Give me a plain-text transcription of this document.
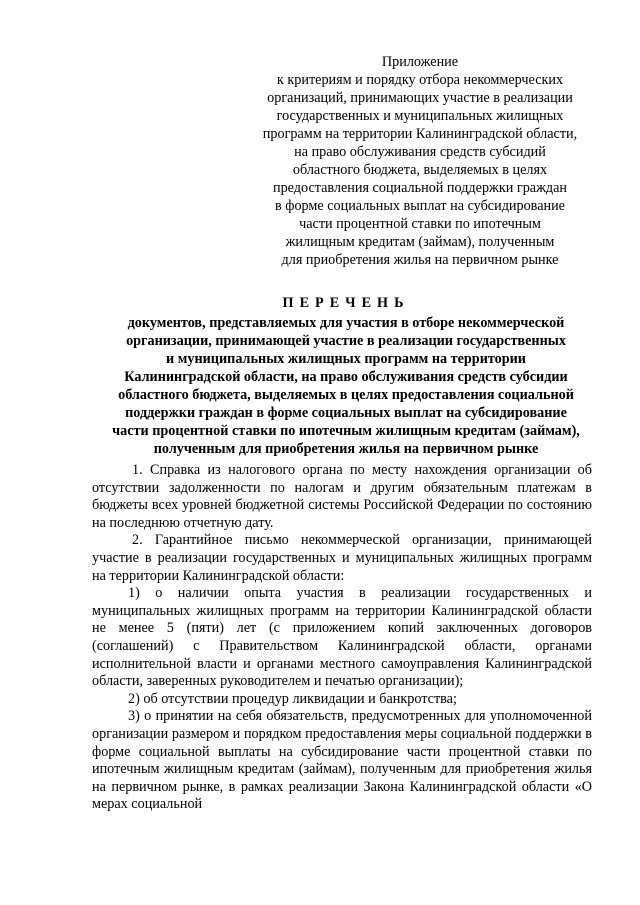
Приложение
к критериям и порядку отбора некоммерческих
организаций, принимающих участие в реализации
государственных и муниципальных жилищных
программ на территории Калининградской области,
на право обслуживания средств субсидий
областного бюджета, выделяемых в целях
предоставления социальной поддержки граждан
в форме социальных выплат на субсидирование
части процентной ставки по ипотечным
жилищным кредитам (займам), полученным
для приобретения жилья на первичном рынке
ПЕРЕЧЕНЬ
документов, представляемых для участия в отборе некоммерческой
организации, принимающей участие в реализации государственных
и муниципальных жилищных программ на территории
Калининградской области, на право обслуживания средств субсидии
областного бюджета, выделяемых в целях предоставления социальной
поддержки граждан в форме социальных выплат на субсидирование
части процентной ставки по ипотечным жилищным кредитам (займам),
полученным для приобретения жилья на первичном рынке

1. Справка из налогового органа по месту нахождения организации об отсутствии задолженности по налогам и другим обязательным платежам в бюджеты всех уровней бюджетной системы Российской Федерации по состоянию на последнюю отчетную дату.

2. Гарантийное письмо некоммерческой организации, принимающей участие в реализации государственных и муниципальных жилищных программ на территории Калининградской области:

1) о наличии опыта участия в реализации государственных и муниципальных жилищных программ на территории Калининградской области не менее 5 (пяти) лет (с приложением копий заключенных договоров (соглашений) с Правительством Калининградской области, органами исполнительной власти и органами местного самоуправления Калининградской области, заверенных руководителем и печатью организации);

2) об отсутствии процедур ликвидации и банкротства;

3) о принятии на себя обязательств, предусмотренных для уполномоченной организации размером и порядком предоставления меры социальной поддержки в форме социальной выплаты на субсидирование части процентной ставки по ипотечным жилищным кредитам (займам), полученным для приобретения жилья на первичном рынке, в рамках реализации Закона Калининградской области «О мерах социальной
